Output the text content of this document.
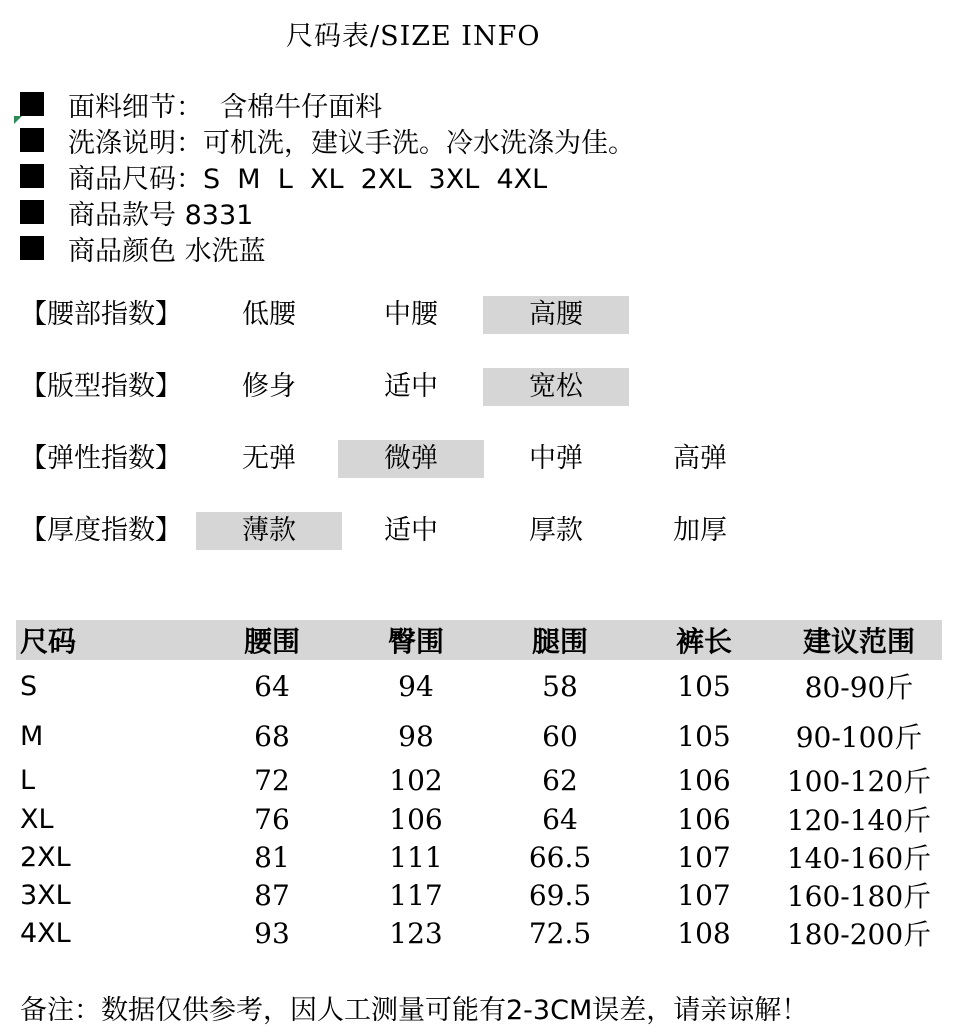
尺码表/SIZE INFO
面料细节：  含棉牛仔面料
洗涤说明：可机洗，建议手洗。冷水洗涤为佳。
商品尺码：S  M  L  XL  2XL  3XL  4XL
商品款号 8331
商品颜色 水洗蓝
【腰部指数】	低腰	中腰	高腰
【版型指数】	修身	适中	宽松
【弹性指数】	无弹	微弹	中弹	高弹
【厚度指数】	薄款	适中	厚款	加厚
尺码	腰围	臀围	腿围	裤长	建议范围
S	64	94	58	105	80-90斤
M	68	98	60	105	90-100斤
L	72	102	62	106	100-120斤
XL	76	106	64	106	120-140斤
2XL	81	111	66.5	107	140-160斤
3XL	87	117	69.5	107	160-180斤
4XL	93	123	72.5	108	180-200斤
备注：数据仅供参考，因人工测量可能有2-3CM误差，请亲谅解！
